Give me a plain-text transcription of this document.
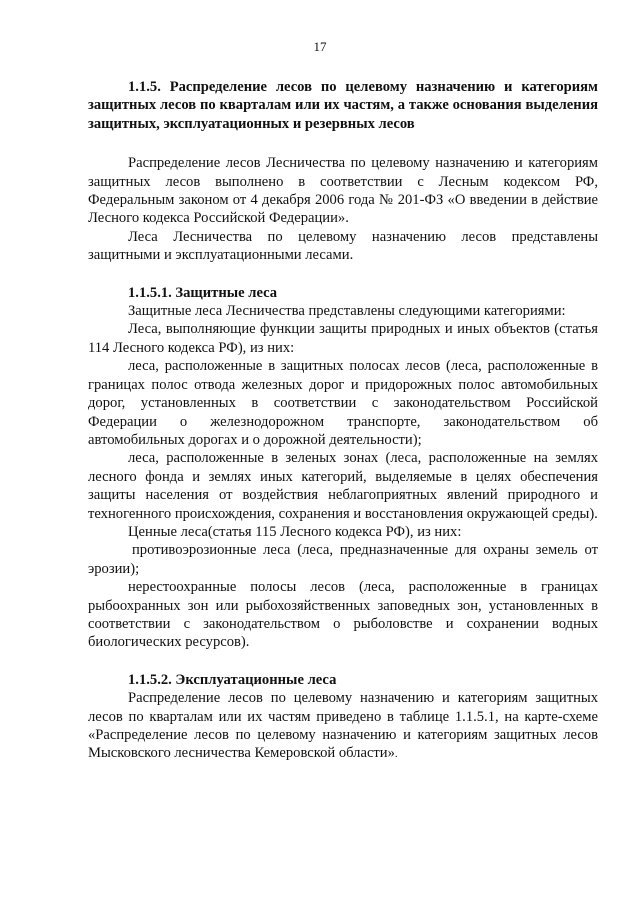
17

1.1.5. Распределение лесов по целевому назначению и категориям защитных лесов по кварталам или их частям, а также основания выделения защитных, эксплуатационных и резервных лесов

Распределение лесов Лесничества по целевому назначению и категориям защитных лесов выполнено в соответствии с Лесным кодексом РФ, Федеральным законом от 4 декабря 2006 года № 201-ФЗ «О введении в действие Лесного кодекса Российской Федерации».

Леса Лесничества по целевому назначению лесов представлены защитными и эксплуатационными лесами.

1.1.5.1. Защитные леса

Защитные леса Лесничества представлены следующими категориями:

Леса, выполняющие функции защиты природных и иных объектов (статья 114 Лесного кодекса РФ), из них:

леса, расположенные в защитных полосах лесов (леса, расположенные в границах полос отвода железных дорог и придорожных полос автомобильных дорог, установленных в соответствии с законодательством Российской Федерации о железнодорожном транспорте, законодательством об автомобильных дорогах и о дорожной деятельности);

леса, расположенные в зеленых зонах (леса, расположенные на землях лесного фонда и землях иных категорий, выделяемые в целях обеспечения защиты населения от воздействия неблагоприятных явлений природного и техногенного происхождения, сохранения и восстановления окружающей среды).

Ценные леса(статья 115 Лесного кодекса РФ), из них:

противоэрозионные леса (леса, предназначенные для охраны земель от эрозии);

нерестоохранные полосы лесов (леса, расположенные в границах рыбоохранных зон или рыбохозяйственных заповедных зон, установленных в соответствии с законодательством о рыболовстве и сохранении водных биологических ресурсов).

1.1.5.2. Эксплуатационные леса

Распределение лесов по целевому назначению и категориям защитных лесов по кварталам или их частям приведено в таблице 1.1.5.1, на карте-схеме «Распределение лесов по целевому назначению и категориям защитных лесов Мысковского лесничества Кемеровской области».
